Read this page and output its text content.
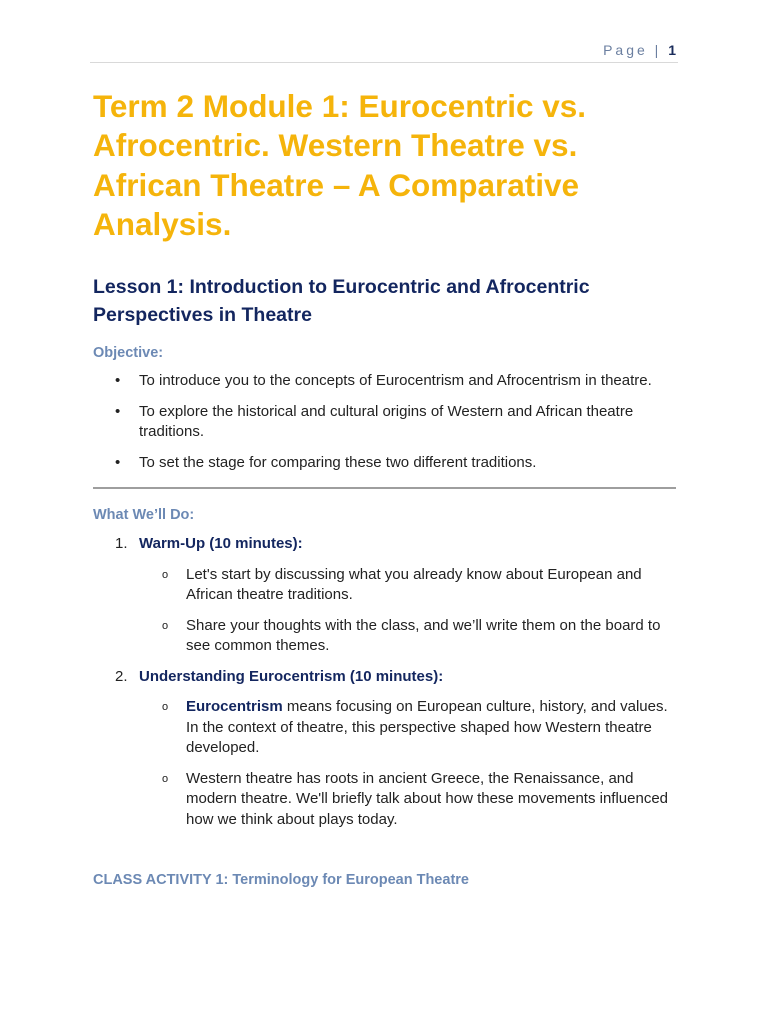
Page | 1
Term 2 Module 1: Eurocentric vs. Afrocentric. Western Theatre vs. African Theatre – A Comparative Analysis.
Lesson 1: Introduction to Eurocentric and Afrocentric Perspectives in Theatre
Objective:
• To introduce you to the concepts of Eurocentrism and Afrocentrism in theatre.
• To explore the historical and cultural origins of Western and African theatre traditions.
• To set the stage for comparing these two different traditions.
What We’ll Do:
1. Warm-Up (10 minutes):
o Let's start by discussing what you already know about European and African theatre traditions.
o Share your thoughts with the class, and we’ll write them on the board to see common themes.
2. Understanding Eurocentrism (10 minutes):
o Eurocentrism means focusing on European culture, history, and values. In the context of theatre, this perspective shaped how Western theatre developed.
o Western theatre has roots in ancient Greece, the Renaissance, and modern theatre. We'll briefly talk about how these movements influenced how we think about plays today.
CLASS ACTIVITY 1: Terminology for European Theatre
